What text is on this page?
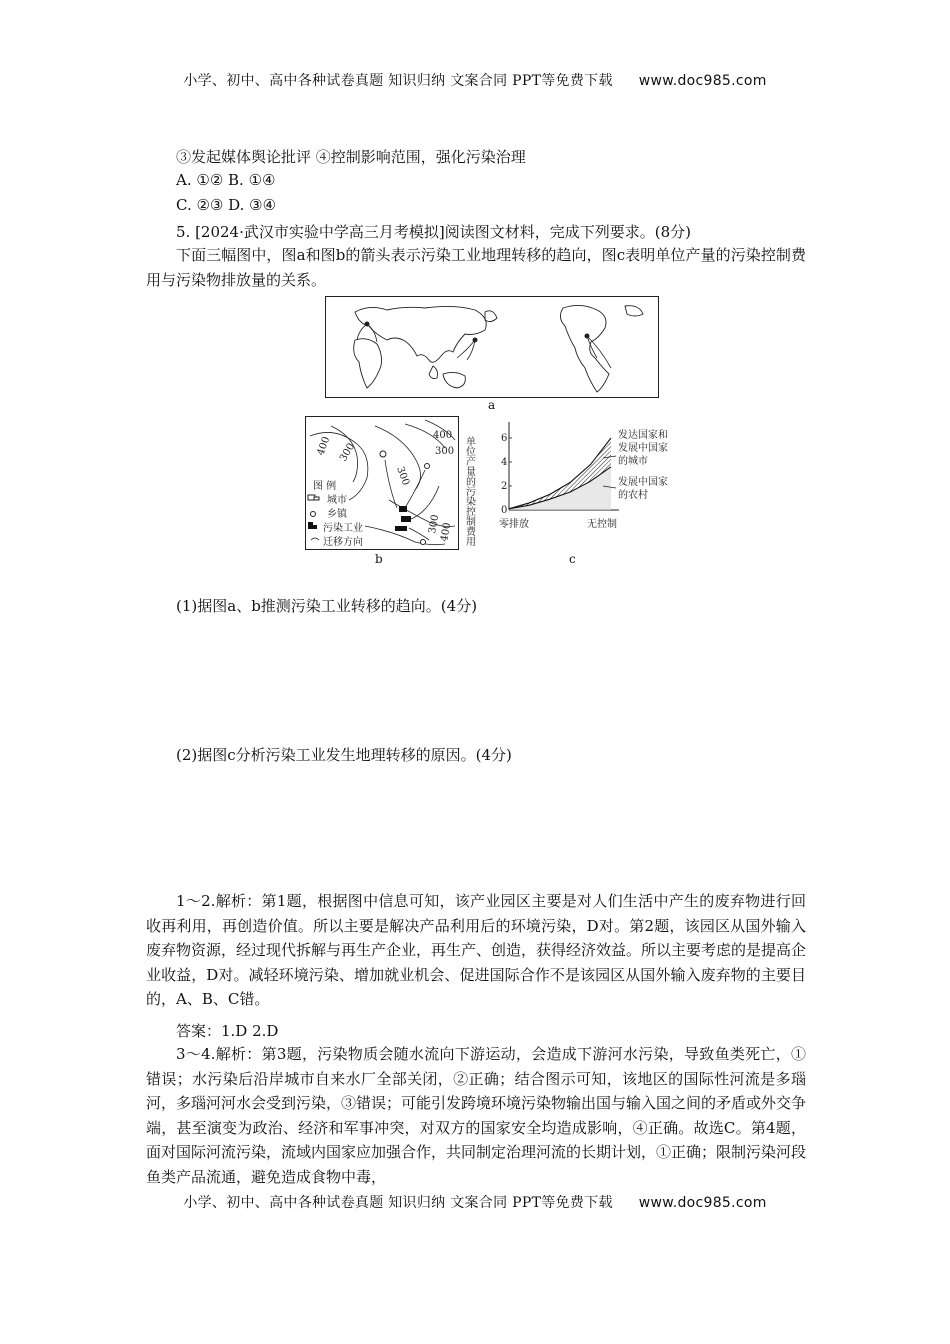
小学、初中、高中各种试卷真题 知识归纳 文案合同 PPT等免费下载 www.doc985.com
③发起媒体舆论批评 ④控制影响范围，强化污染治理
A. ①② B. ①④
C. ②③ D. ③④
5. [2024·武汉市实验中学高三月考模拟]阅读图文材料，完成下列要求。(8分)
下面三幅图中，图a和图b的箭头表示污染工业地理转移的趋向，图c表明单位产量的污染控制费用与污染物排放量的关系。
a
400
300
400 300
300
300
400
图 例
城市
乡镇
污染工业
迁移方向
b
单位产量的污染控制费用	0
2
4
6
零排放	无控制
发达国家和
发展中国家
的城市
发展中国家
的农村
c
(1)据图a、b推测污染工业转移的趋向。(4分)
(2)据图c分析污染工业发生地理转移的原因。(4分)
1～2.解析：第1题，根据图中信息可知，该产业园区主要是对人们生活中产生的废弃物进行回收再利用，再创造价值。所以主要是解决产品利用后的环境污染，D对。第2题，该园区从国外输入废弃物资源，经过现代拆解与再生产企业，再生产、创造，获得经济效益。所以主要考虑的是提高企业收益，D对。减轻环境污染、增加就业机会、促进国际合作不是该园区从国外输入废弃物的主要目的，A、B、C错。
答案：1.D 2.D
3～4.解析：第3题，污染物质会随水流向下游运动，会造成下游河水污染，导致鱼类死亡，①错误；水污染后沿岸城市自来水厂全部关闭，②正确；结合图示可知，该地区的国际性河流是多瑙河，多瑙河河水会受到污染，③错误；可能引发跨境环境污染物输出国与输入国之间的矛盾或外交争端，甚至演变为政治、经济和军事冲突，对双方的国家安全均造成影响，④正确。故选C。第4题，面对国际河流污染，流域内国家应加强合作，共同制定治理河流的长期计划，①正确；限制污染河段鱼类产品流通，避免造成食物中毒，
小学、初中、高中各种试卷真题 知识归纳 文案合同 PPT等免费下载 www.doc985.com
